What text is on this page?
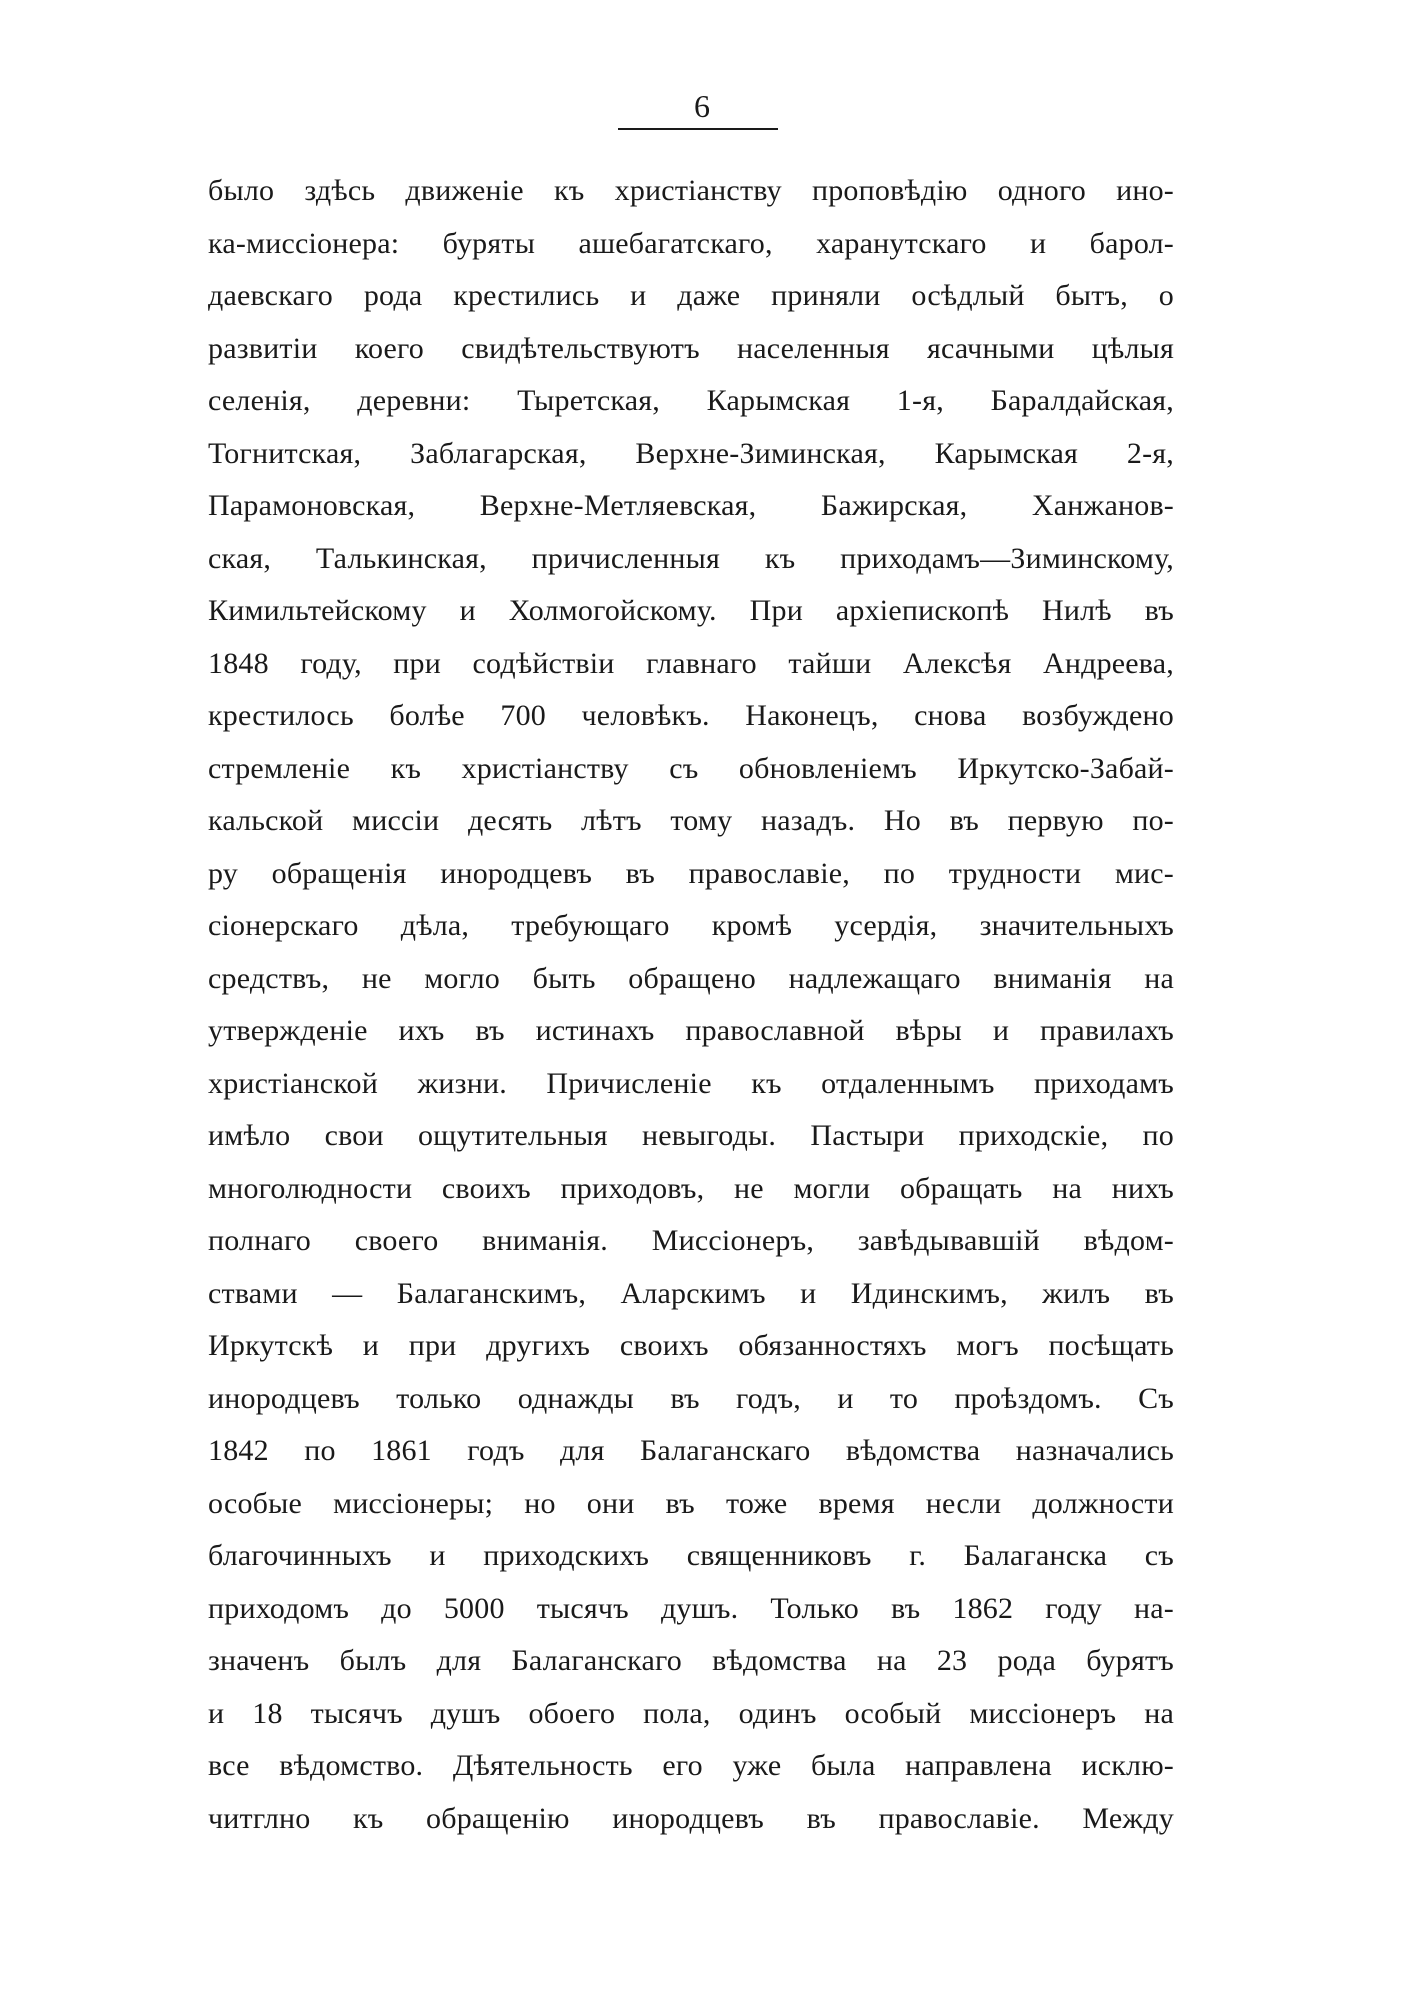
6
было здѣсь движеніе къ христіанству проповѣдію одного ино-
ка-миссіонера: буряты ашебагатскаго, харанутскаго и барол-
даевскаго рода крестились и даже приняли осѣдлый бытъ, о
развитіи коего свидѣтельствуютъ населенныя ясачными цѣлыя
селенія, деревни: Тыретская, Карымская 1-я, Баралдайская,
Тогнитская, Заблагарская, Верхне-Зиминская, Карымская 2-я,
Парамоновская, Верхне-Метляевская, Бажирская, Ханжанов-
ская, Талькинская, причисленныя къ приходамъ—Зиминскому,
Кимильтейскому и Холмогойскому. При архіепископѣ Нилѣ въ
1848 году, при содѣйствіи главнаго тайши Алексѣя Андреева,
крестилось болѣе 700 человѣкъ. Наконецъ, снова возбуждено
стремленіе къ христіанству съ обновленіемъ Иркутско-Забай-
кальской миссіи десять лѣтъ тому назадъ. Но въ первую по-
ру обращенія инородцевъ въ православіе, по трудности мис-
сіонерскаго дѣла, требующаго кромѣ усердія, значительныхъ
средствъ, не могло быть обращено надлежащаго вниманія на
утвержденіе ихъ въ истинахъ православной вѣры и правилахъ
христіанской жизни. Причисленіе къ отдаленнымъ приходамъ
имѣло свои ощутительныя невыгоды. Пастыри приходскіе, по
многолюдности своихъ приходовъ, не могли обращать на нихъ
полнаго своего вниманія. Миссіонеръ, завѣдывавшій вѣдом-
ствами — Балаганскимъ, Аларскимъ и Идинскимъ, жилъ въ
Иркутскѣ и при другихъ своихъ обязанностяхъ могъ посѣщать
инородцевъ только однажды въ годъ, и то проѣздомъ. Съ
1842 по 1861 годъ для Балаганскаго вѣдомства назначались
особые миссіонеры; но они въ тоже время несли должности
благочинныхъ и приходскихъ священниковъ г. Балаганска съ
приходомъ до 5000 тысячъ душъ. Только въ 1862 году на-
значенъ былъ для Балаганскаго вѣдомства на 23 рода бурятъ
и 18 тысячъ душъ обоего пола, одинъ особый миссіонеръ на
все вѣдомство. Дѣятельность его уже была направлена исклю-
читглно къ обращенію инородцевъ въ православіе. Между
